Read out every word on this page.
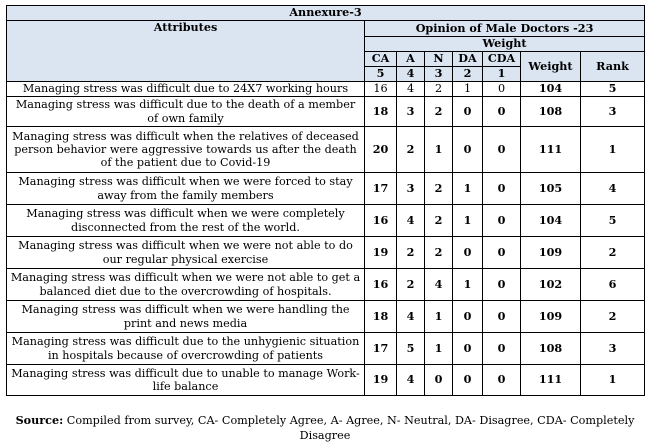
Annexure-3							
Attributes	Opinion of Male Doctors -23						
	Weight						
	CA	A	N	DA	CDA	Weight	Rank
	5	4	3	2	1		
Managing stress was difficult due to 24X7 working hours	16	4	2	1	0	104	5
Managing stress was difficult due to the death of a member of own family	18	3	2	0	0	108	3
Managing stress was difficult when the relatives of deceased person behavior were aggressive towards us after the death of the patient due to Covid-19	20	2	1	0	0	111	1
Managing stress was difficult when we were forced to stay away from the family members	17	3	2	1	0	105	4
Managing stress was difficult when we were completely disconnected from the rest of the world.	16	4	2	1	0	104	5
Managing stress was difficult when we were not able to do our regular physical exercise	19	2	2	0	0	109	2
Managing stress was difficult when we were not able to get a balanced diet due to the overcrowding of hospitals.	16	2	4	1	0	102	6
Managing stress was difficult when we were handling the print and news media	18	4	1	0	0	109	2
Managing stress was difficult due to the unhygienic situation in hospitals because of overcrowding of patients	17	5	1	0	0	108	3
Managing stress was difficult due to unable to manage Work-life balance	19	4	0	0	0	111	1
Source: Compiled from survey, CA- Completely Agree, A- Agree, N- Neutral, DA- Disagree, CDA- Completely Disagree
